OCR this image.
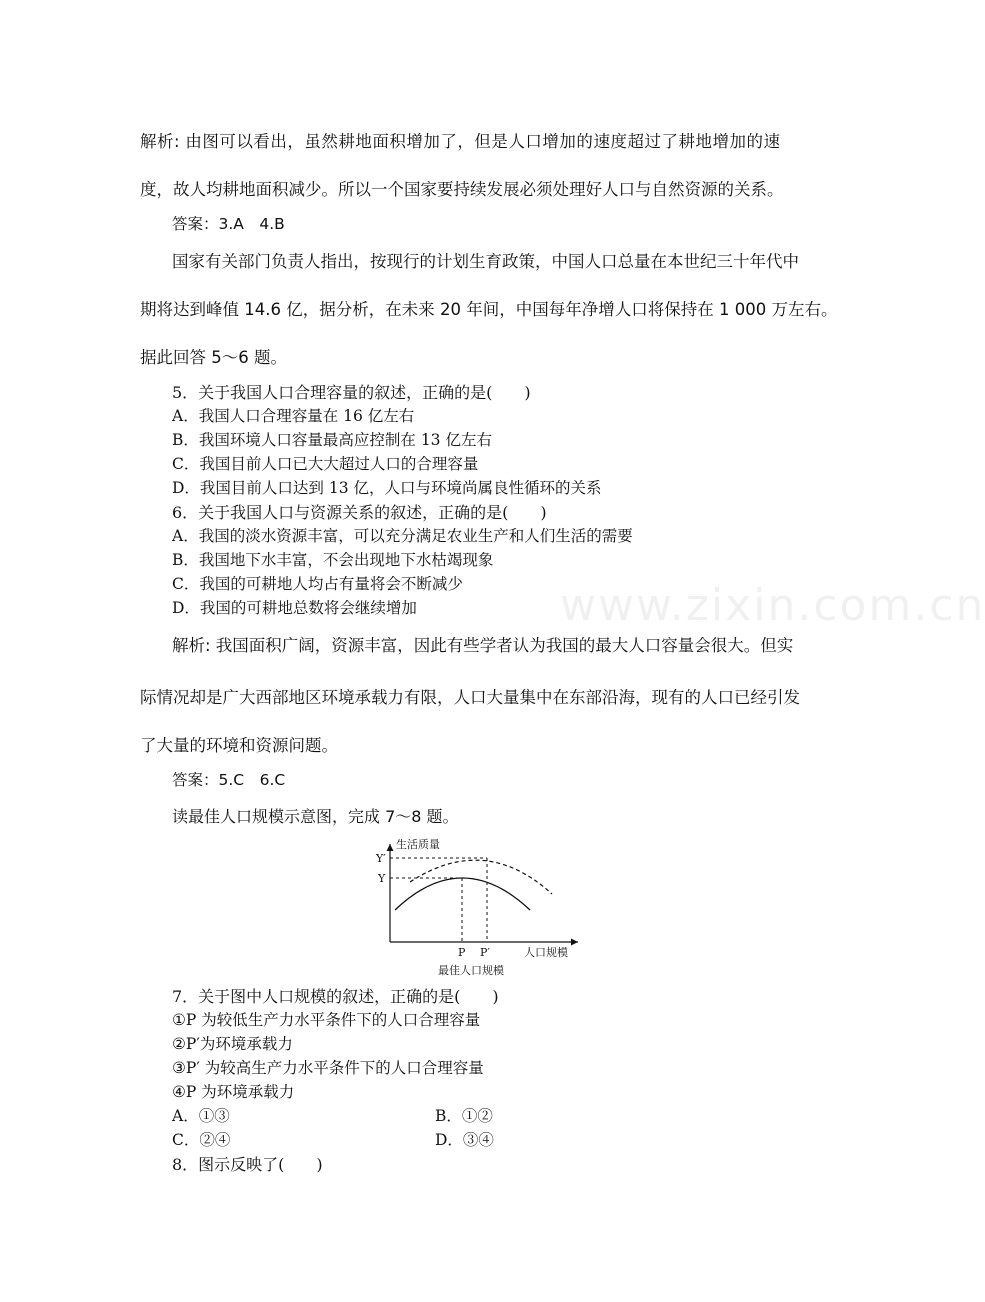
www.zixin.com.cn
解析: 由图可以看出，虽然耕地面积增加了，但是人口增加的速度超过了耕地增加的速
度，故人均耕地面积减少。所以一个国家要持续发展必须处理好人口与自然资源的关系。
答案：3.A　4.B
国家有关部门负责人指出，按现行的计划生育政策，中国人口总量在本世纪三十年代中
期将达到峰值 14.6 亿，据分析，在未来 20 年间，中国每年净增人口将保持在 1 000 万左右。
据此回答 5～6 题。
5．关于我国人口合理容量的叙述，正确的是(　　)
A．我国人口合理容量在 16 亿左右
B．我国环境人口容量最高应控制在 13 亿左右
C．我国目前人口已大大超过人口的合理容量
D．我国目前人口达到 13 亿，人口与环境尚属良性循环的关系
6．关于我国人口与资源关系的叙述，正确的是(　　)
A．我国的淡水资源丰富，可以充分满足农业生产和人们生活的需要
B．我国地下水丰富，不会出现地下水枯竭现象
C．我国的可耕地人均占有量将会不断减少
D．我国的可耕地总数将会继续增加
解析: 我国面积广阔，资源丰富，因此有些学者认为我国的最大人口容量会很大。但实
际情况却是广大西部地区环境承载力有限，人口大量集中在东部沿海，现有的人口已经引发
了大量的环境和资源问题。
答案：5.C　6.C
读最佳人口规模示意图，完成 7～8 题。
生活质量
Y′
Y
P P′	人口规模
最佳人口规模
7．关于图中人口规模的叙述，正确的是(　　)
①P 为较低生产力水平条件下的人口合理容量
②P′为环境承载力
③P′ 为较高生产力水平条件下的人口合理容量
④P 为环境承载力
A．①③	B．①②
C．②④	D．③④
8．图示反映了(　　)
